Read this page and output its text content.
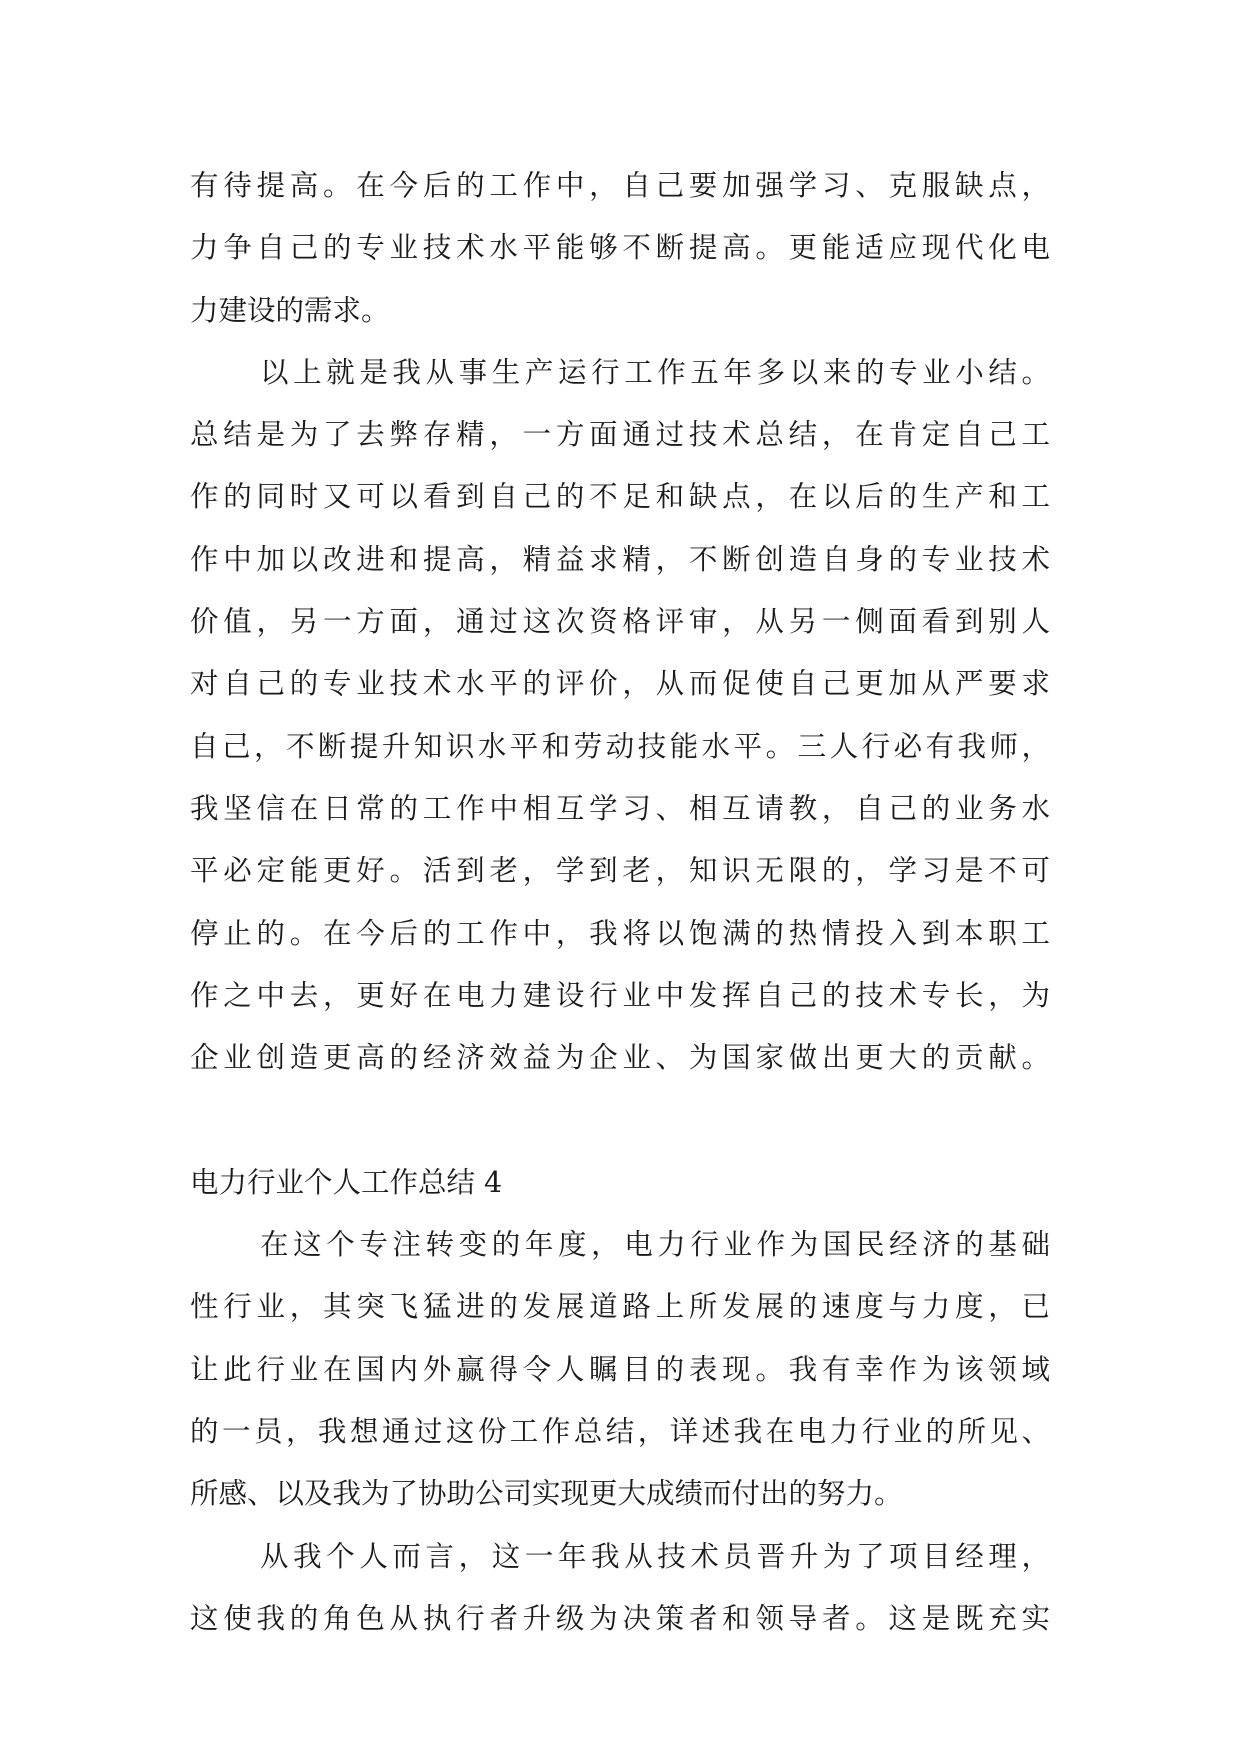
有待提高。在今后的工作中，自己要加强学习、克服缺点，
力争自己的专业技术水平能够不断提高。更能适应现代化电
力建设的需求。
以上就是我从事生产运行工作五年多以来的专业小结。
总结是为了去弊存精，一方面通过技术总结，在肯定自己工
作的同时又可以看到自己的不足和缺点，在以后的生产和工
作中加以改进和提高，精益求精，不断创造自身的专业技术
价值，另一方面，通过这次资格评审，从另一侧面看到别人
对自己的专业技术水平的评价，从而促使自己更加从严要求
自己，不断提升知识水平和劳动技能水平。三人行必有我师，
我坚信在日常的工作中相互学习、相互请教，自己的业务水
平必定能更好。活到老，学到老，知识无限的，学习是不可
停止的。在今后的工作中，我将以饱满的热情投入到本职工
作之中去，更好在电力建设行业中发挥自己的技术专长，为
企业创造更高的经济效益为企业、为国家做出更大的贡献。
电力行业个人工作总结 4
在这个专注转变的年度，电力行业作为国民经济的基础
性行业，其突飞猛进的发展道路上所发展的速度与力度，已
让此行业在国内外赢得令人瞩目的表现。我有幸作为该领域
的一员，我想通过这份工作总结，详述我在电力行业的所见、
所感、以及我为了协助公司实现更大成绩而付出的努力。
从我个人而言，这一年我从技术员晋升为了项目经理，
这使我的角色从执行者升级为决策者和领导者。这是既充实
